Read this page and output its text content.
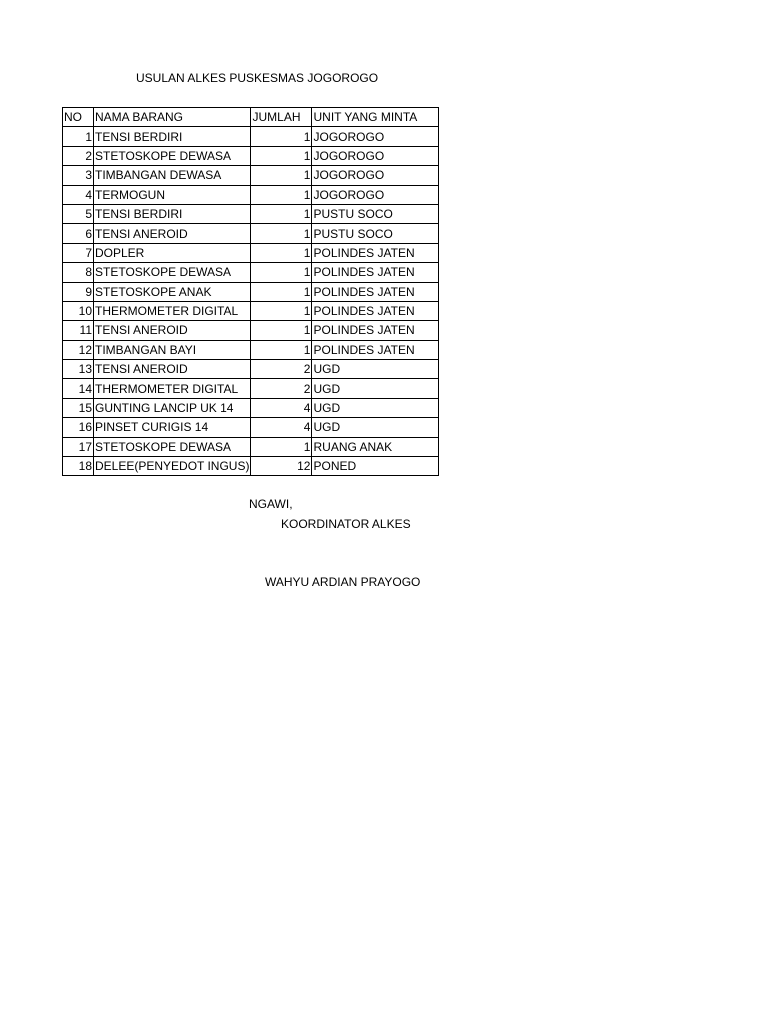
USULAN ALKES PUSKESMAS JOGOROGO
NO	NAMA BARANG	JUMLAH	UNIT YANG MINTA
1	TENSI BERDIRI	1	JOGOROGO
2	STETOSKOPE DEWASA	1	JOGOROGO
3	TIMBANGAN DEWASA	1	JOGOROGO
4	TERMOGUN	1	JOGOROGO
5	TENSI BERDIRI	1	PUSTU SOCO
6	TENSI ANEROID	1	PUSTU SOCO
7	DOPLER	1	POLINDES JATEN
8	STETOSKOPE DEWASA	1	POLINDES JATEN
9	STETOSKOPE ANAK	1	POLINDES JATEN
10	THERMOMETER DIGITAL	1	POLINDES JATEN
11	TENSI ANEROID	1	POLINDES JATEN
12	TIMBANGAN BAYI	1	POLINDES JATEN
13	TENSI ANEROID	2	UGD
14	THERMOMETER DIGITAL	2	UGD
15	GUNTING LANCIP UK 14	4	UGD
16	PINSET CURIGIS 14	4	UGD
17	STETOSKOPE DEWASA	1	RUANG ANAK
18	DELEE(PENYEDOT INGUS)	12	PONED
NGAWI,
KOORDINATOR ALKES
WAHYU ARDIAN PRAYOGO
